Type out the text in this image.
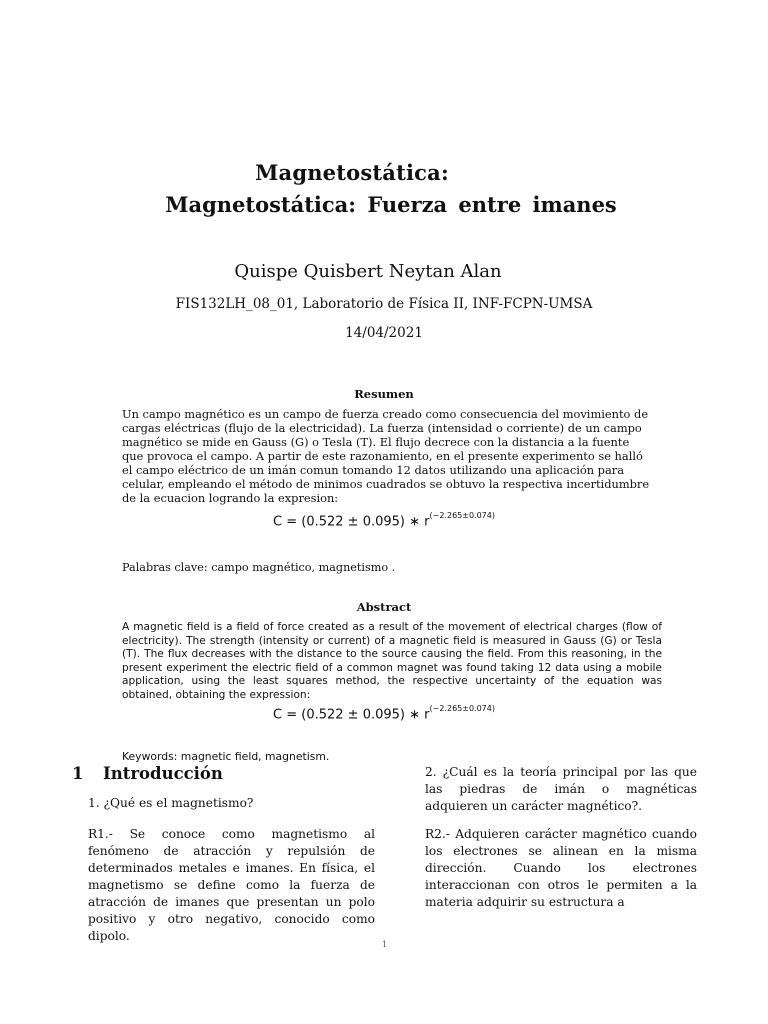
Magnetostática:
Magnetostática: Fuerza entre imanes
Quispe Quisbert Neytan Alan
FIS132LH_08_01, Laboratorio de Física II, INF-FCPN-UMSA
14/04/2021
Resumen
Un campo magnético es un campo de fuerza creado como consecuencia del movimiento de cargas eléctricas (flujo de la electricidad). La fuerza (intensidad o corriente) de un campo magnético se mide en Gauss (G) o Tesla (T). El flujo decrece con la distancia a la fuente que provoca el campo. A partir de este razonamiento, en el presente experimento se halló el campo eléctrico de un imán comun tomando 12 datos utilizando una aplicación para celular, empleando el método de minimos cuadrados se obtuvo la respectiva incertidumbre de la ecuacion logrando la expresion:
C = (0.522 ± 0.095) ∗ $r^{(-2.265\pm 0.074)}$
Palabras clave: campo magnético, magnetismo .
Abstract
A magnetic field is a field of force created as a result of the movement of electrical charges (flow of electricity). The strength (intensity or current) of a magnetic field is measured in Gauss (G) or Tesla (T). The flux decreases with the distance to the source causing the field. From this reasoning, in the present experiment the electric field of a common magnet was found taking 12 data using a mobile application, using the least squares method, the respective uncertainty of the equation was obtained, obtaining the expression:
C = (0.522 ± 0.095) ∗ $r^{(-2.265\pm 0.074)}$
Keywords: magnetic field, magnetism.
1 Introducción
1. ¿Qué es el magnetismo?
R1.- Se conoce como magnetismo al fenómeno de atracción y repulsión de determinados metales e imanes. En física, el magnetismo se define como la fuerza de atracción de imanes que presentan un polo positivo y otro negativo, conocido como dipolo.
2. ¿Cuál es la teoría principal por las que las piedras de imán o magnéticas adquieren un carácter magnético?.
R2.- Adquieren carácter magnético cuando los electrones se alinean en la misma dirección. Cuando los electrones interaccionan con otros le permiten a la materia adquirir su estructura a
1
